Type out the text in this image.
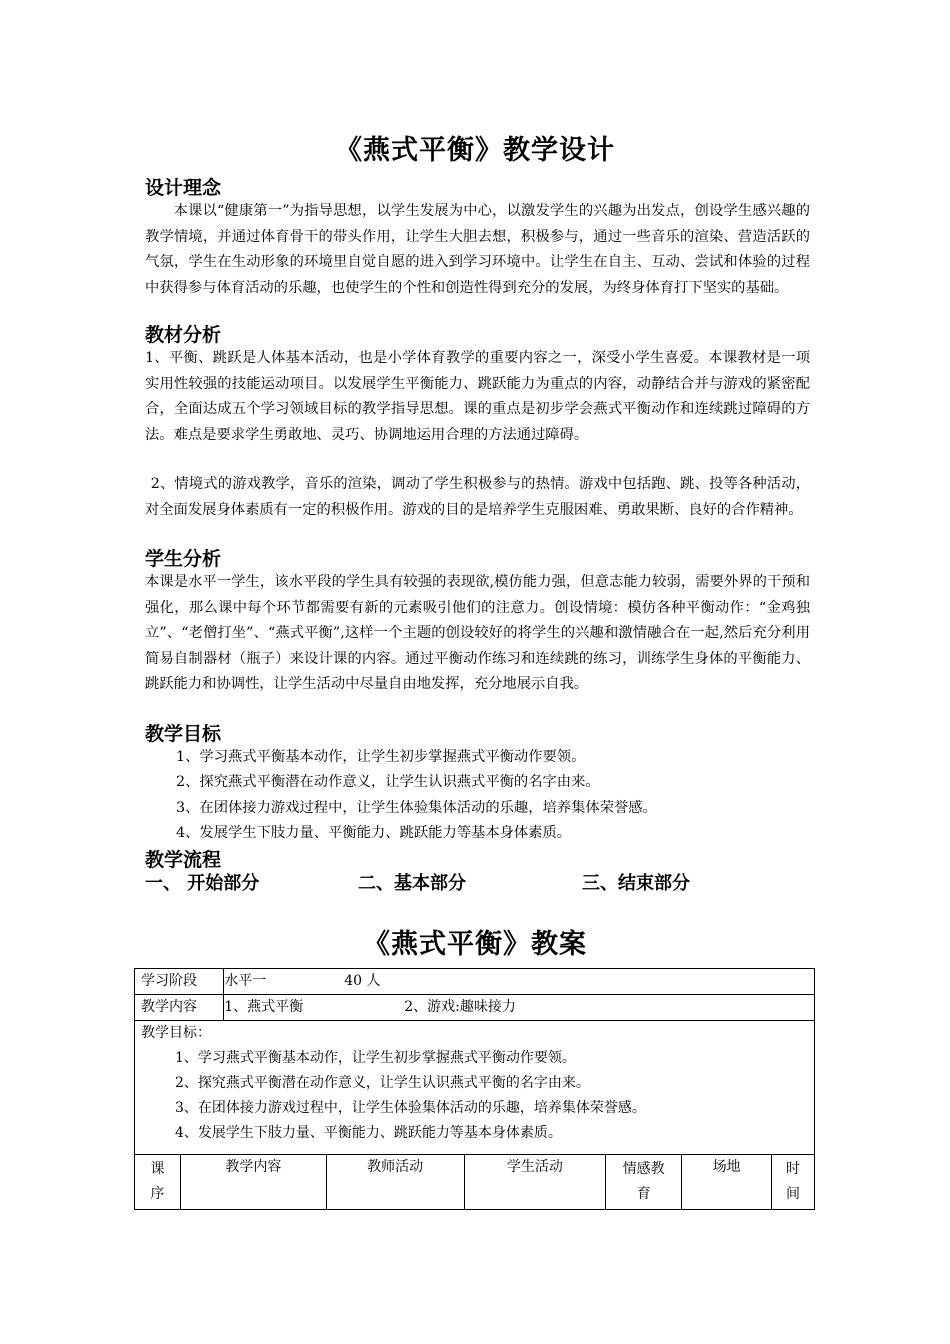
《燕式平衡》教学设计
设计理念

本课以“健康第一”为指导思想，以学生发展为中心，以激发学生的兴趣为出发点，创设学生感兴趣的教学情境，并通过体育骨干的带头作用，让学生大胆去想，积极参与，通过一些音乐的渲染、营造活跃的气氛，学生在生动形象的环境里自觉自愿的进入到学习环境中。让学生在自主、互动、尝试和体验的过程中获得参与体育活动的乐趣，也使学生的个性和创造性得到充分的发展，为终身体育打下坚实的基础。

教材分析

1、平衡、跳跃是人体基本活动，也是小学体育教学的重要内容之一，深受小学生喜爱。本课教材是一项实用性较强的技能运动项目。以发展学生平衡能力、跳跃能力为重点的内容，动静结合并与游戏的紧密配合，全面达成五个学习领域目标的教学指导思想。课的重点是初步学会燕式平衡动作和连续跳过障碍的方法。难点是要求学生勇敢地、灵巧、协调地运用合理的方法通过障碍。

2、情境式的游戏教学，音乐的渲染，调动了学生积极参与的热情。游戏中包括跑、跳、投等各种活动，对全面发展身体素质有一定的积极作用。游戏的目的是培养学生克服困难、勇敢果断、良好的合作精神。

学生分析

本课是水平一学生，该水平段的学生具有较强的表现欲,模仿能力强，但意志能力较弱，需要外界的干预和强化，那么课中每个环节都需要有新的元素吸引他们的注意力。创设情境：模仿各种平衡动作：“金鸡独立”、“老僧打坐”、“燕式平衡”,这样一个主题的创设较好的将学生的兴趣和激情融合在一起,然后充分利用简易自制器材（瓶子）来设计课的内容。通过平衡动作练习和连续跳的练习，训练学生身体的平衡能力、跳跃能力和协调性，让学生活动中尽量自由地发挥，充分地展示自我。

教学目标
1、学习燕式平衡基本动作，让学生初步掌握燕式平衡动作要领。
2、探究燕式平衡潜在动作意义，让学生认识燕式平衡的名字由来。
3、在团体接力游戏过程中，让学生体验集体活动的乐趣，培养集体荣誉感。
4、发展学生下肢力量、平衡能力、跳跃能力等基本身体素质。
教学流程
一、 开始部分	二、基本部分	三、结束部分
《燕式平衡》教案
学习阶段		水平一 40 人				

教学内容		1、燕式平衡 2、游戏:趣味接力				

教学目标：
1、学习燕式平衡基本动作，让学生初步掌握燕式平衡动作要领。
2、探究燕式平衡潜在动作意义，让学生认识燕式平衡的名字由来。
3、在团体接力游戏过程中，让学生体验集体活动的乐趣，培养集体荣誉感。
4、发展学生下肢力量、平衡能力、跳跃能力等基本身体素质。						

课序	教学内容	教师活动	学生活动	情感教育	场地	时间
